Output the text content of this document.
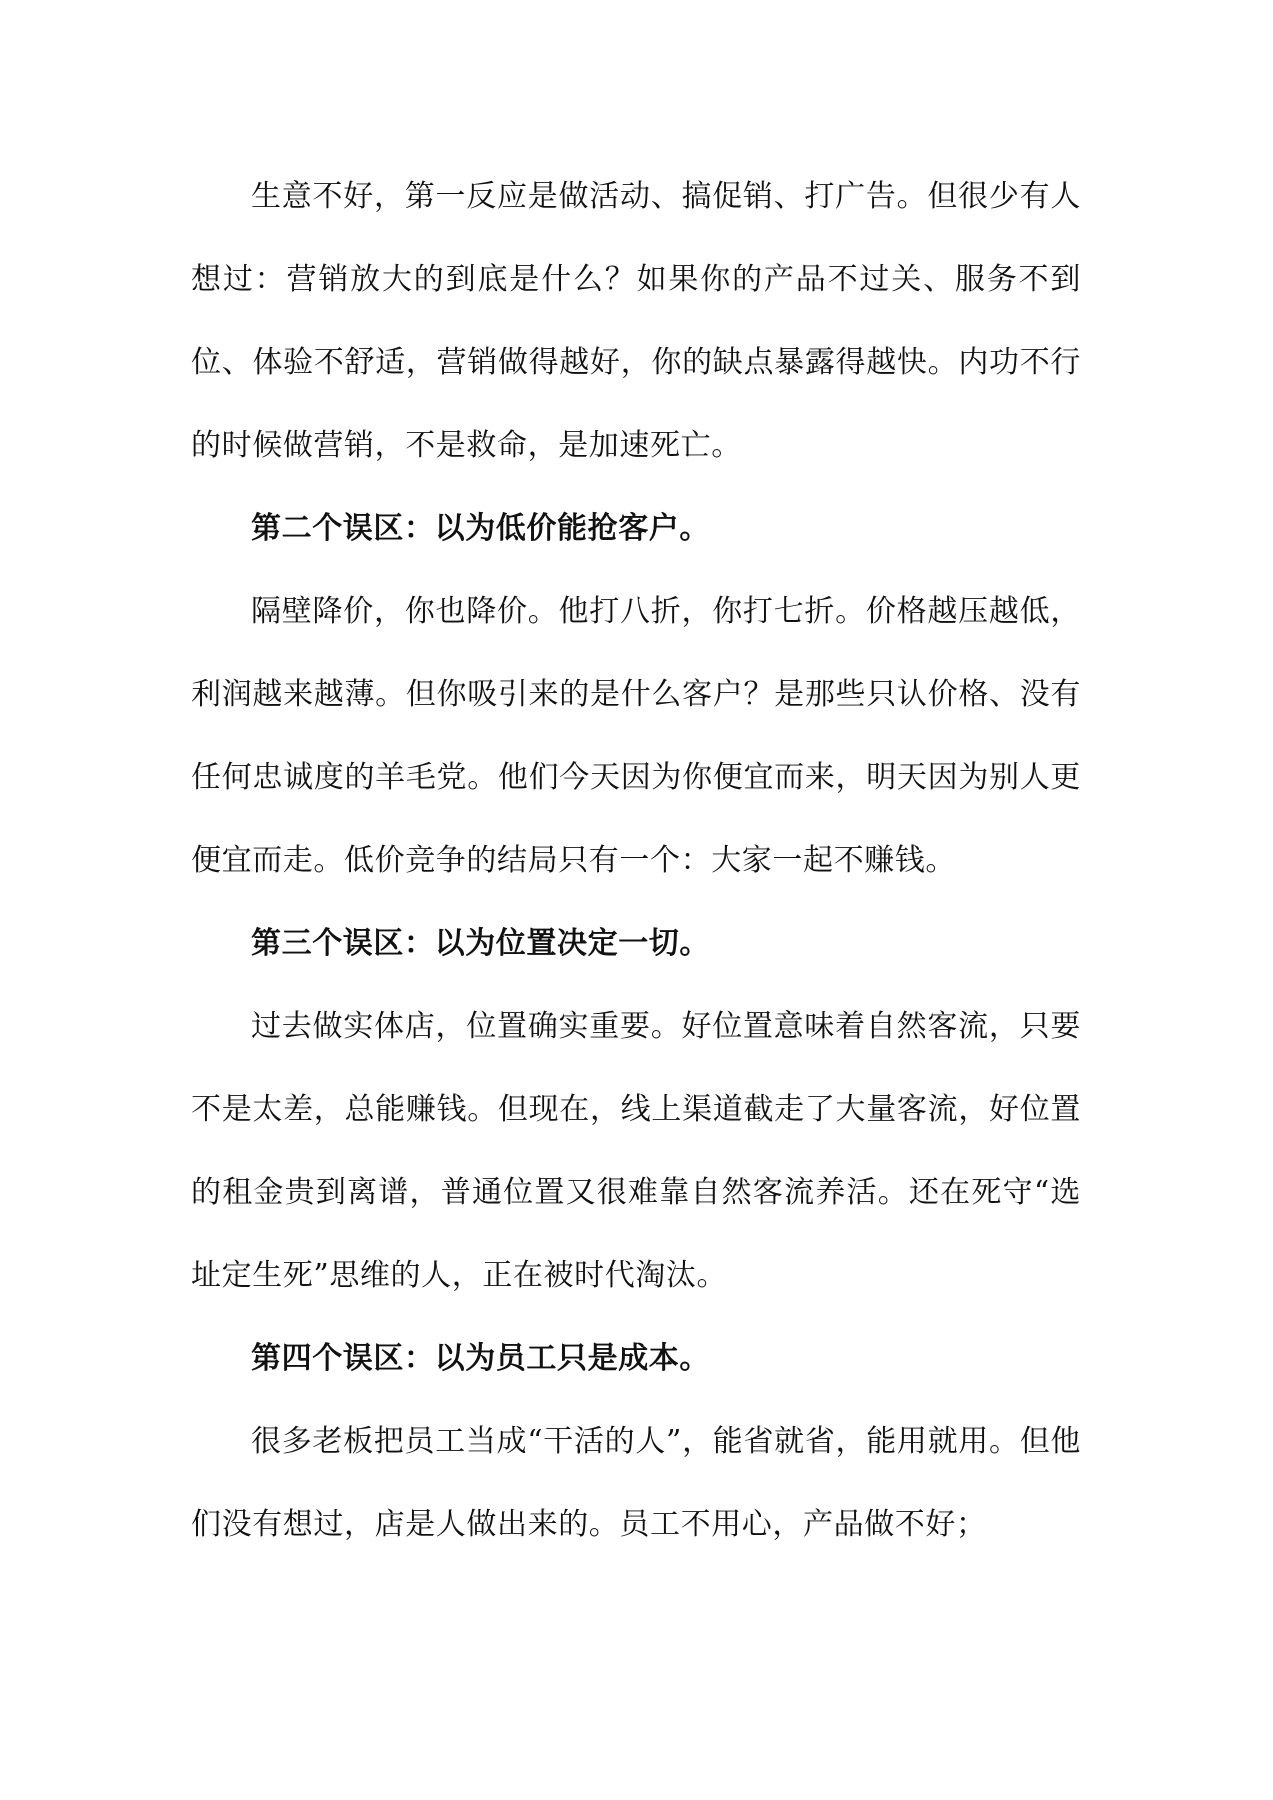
生意不好，第一反应是做活动、搞促销、打广告。但很少有人想过：营销放大的到底是什么？如果你的产品不过关、服务不到位、体验不舒适，营销做得越好，你的缺点暴露得越快。内功不行的时候做营销，不是救命，是加速死亡。

第二个误区：以为低价能抢客户。

隔壁降价，你也降价。他打八折，你打七折。价格越压越低，利润越来越薄。但你吸引来的是什么客户？是那些只认价格、没有任何忠诚度的羊毛党。他们今天因为你便宜而来，明天因为别人更便宜而走。低价竞争的结局只有一个：大家一起不赚钱。

第三个误区：以为位置决定一切。

过去做实体店，位置确实重要。好位置意味着自然客流，只要不是太差，总能赚钱。但现在，线上渠道截走了大量客流，好位置的租金贵到离谱，普通位置又很难靠自然客流养活。还在死守“选址定生死”思维的人，正在被时代淘汰。

第四个误区：以为员工只是成本。

很多老板把员工当成“干活的人”，能省就省，能用就用。但他们没有想过，店是人做出来的。员工不用心，产品做不好；
